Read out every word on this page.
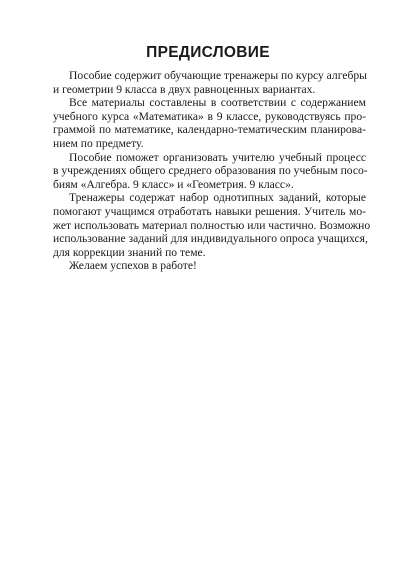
ПРЕДИСЛОВИЕ

Пособие содержит обучающие тренажеры по курсу алгебры
и геометрии 9 класса в двух равноценных вариантах.

Все материалы составлены в соответствии с содержанием
учебного курса «Математика» в 9 классе, руководствуясь про-
граммой по математике, календарно-тематическим планирова-
нием по предмету.

Пособие поможет организовать учителю учебный процесс
в учреждениях общего среднего образования по учебным посо-
биям «Алгебра. 9 класс» и «Геометрия. 9 класс».

Тренажеры содержат набор однотипных заданий, которые
помогают учащимся отработать навыки решения. Учитель мо-
жет использовать материал полностью или частично. Возможно
использование заданий для индивидуального опроса учащихся,
для коррекции знаний по теме.

Желаем успехов в работе!
